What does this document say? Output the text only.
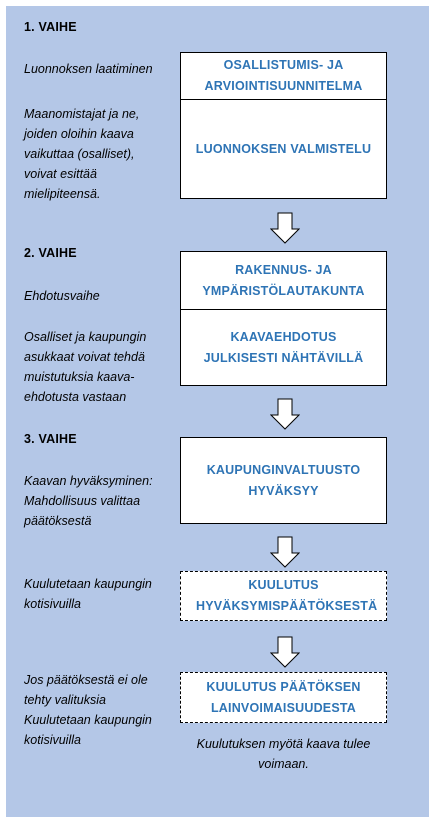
1. VAIHE
2. VAIHE
3. VAIHE
Luonnoksen laatiminen
Maanomistajat ja ne, joiden oloihin kaava vaikuttaa (osalliset), voivat esittää mielipiteensä.
Ehdotusvaihe
Osalliset ja kaupungin asukkaat voivat tehdä muistutuksia kaava-ehdotusta vastaan
Kaavan hyväksyminen: Mahdollisuus valittaa päätöksestä
Kuulutetaan kaupungin kotisivuilla
Jos päätöksestä ei ole tehty valituksia Kuulutetaan kaupungin kotisivuilla
OSALLISTUMIS- JA ARVIOINTISUUNNITELMA
LUONNOKSEN VALMISTELU
RAKENNUS- JA YMPÄRISTÖLAUTAKUNTA
KAAVAEHDOTUS JULKISESTI NÄHTÄVILLÄ
KAUPUNGINVALTUUSTO HYVÄKSYY
KUULUTUS HYVÄKSYMISPÄÄTÖKSESTÄ
KUULUTUS PÄÄTÖKSEN LAINVOIMAISUUDESTA
Kuulutuksen myötä kaava tulee voimaan.
